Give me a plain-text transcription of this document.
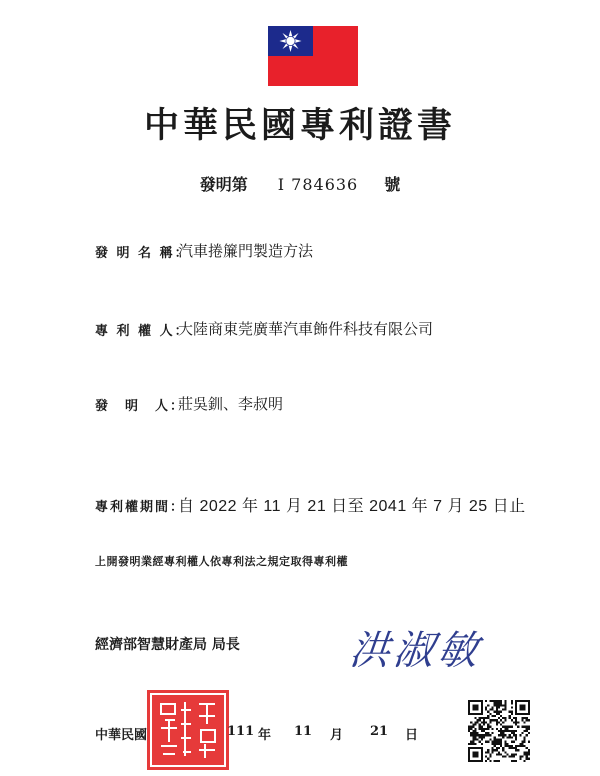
中華民國專利證書
發明第 I 784636 號
發 明 名 稱：
汽車捲簾門製造方法
專 利 權 人：
大陸商東莞廣華汽車飾件科技有限公司
發　明　人：
莊吳釧、李叔明
專利權期間：
自 2022 年 11 月 21 日至 2041 年 7 月 25 日止
上開發明業經專利權人依專利法之規定取得專利權
經濟部智慧財產局 局長	洪淑敏
中華民國	111 年 11 月 21 日
